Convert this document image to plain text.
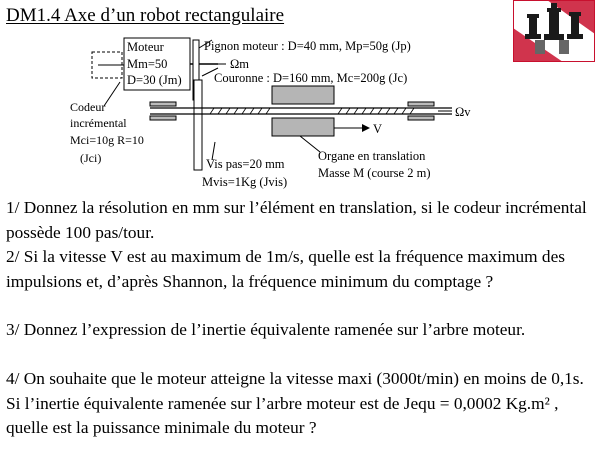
DM1.4 Axe d’un robot rectangulaire
Moteur
Mm=50
D=30 (Jm)
Ωm
V
Ωv
Pignon moteur : D=40 mm, Mp=50g (Jp)
Couronne : D=160 mm, Mc=200g (Jc)
Codeur
incrémental
Mci=10g R=10
(Jci)	Vis pas=20 mm
Mvis=1Kg (Jvis)
Organe en translation
Masse M (course 2 m)

1/ Donnez la résolution en mm sur l’élément en translation, si le codeur incrémental possède 100 pas/tour.

2/ Si la vitesse V est au maximum de 1m/s, quelle est la fréquence maximum des impulsions et, d’après Shannon, la fréquence minimum du comptage ?

3/ Donnez l’expression de l’inertie équivalente ramenée sur l’arbre moteur.

4/ On souhaite que le moteur atteigne la vitesse maxi (3000t/min) en moins de 0,1s. Si l’inertie équivalente ramenée sur l’arbre moteur est de Jequ = 0,0002 Kg.m² , quelle est la puissance minimale du moteur ?
